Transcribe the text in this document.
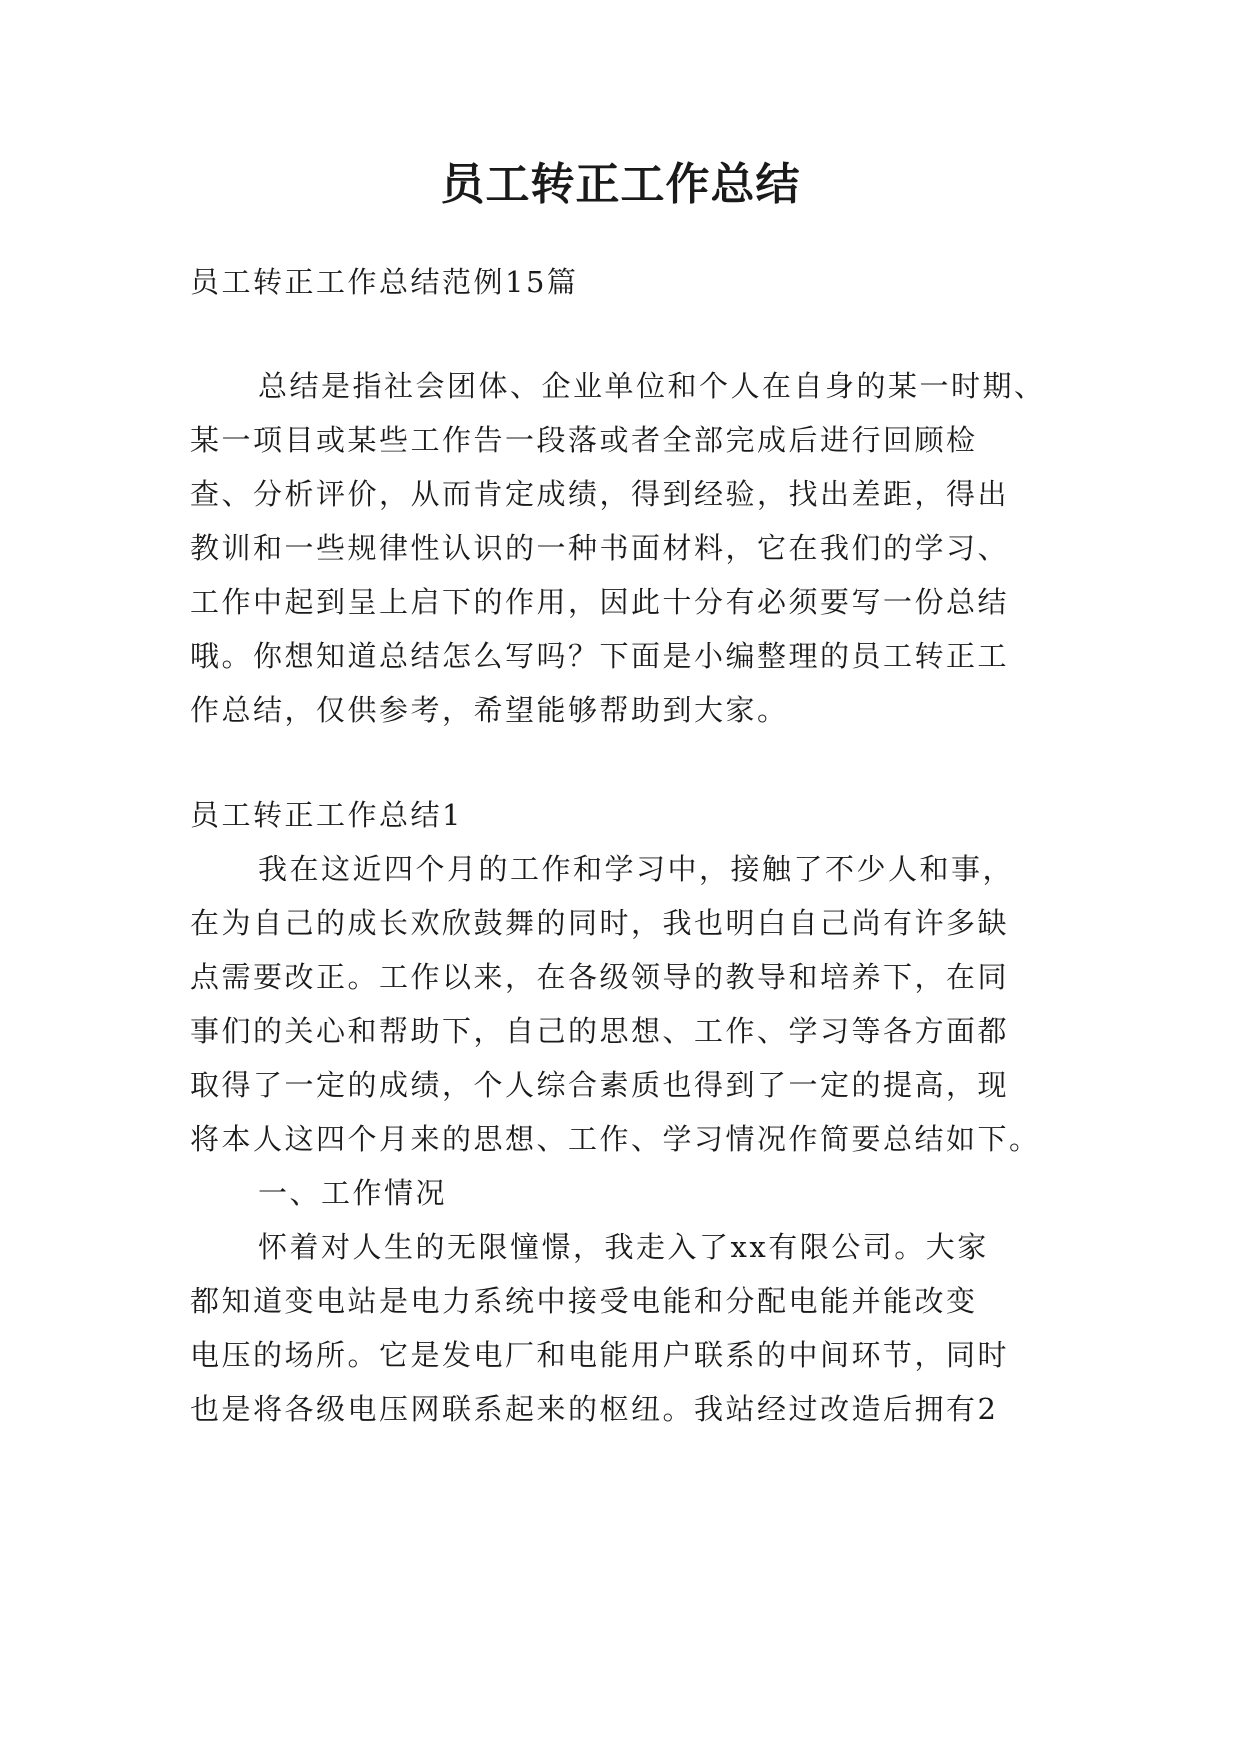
员工转正工作总结
员工转正工作总结范例15篇
总结是指社会团体、企业单位和个人在自身的某一时期、
某一项目或某些工作告一段落或者全部完成后进行回顾检
查、分析评价，从而肯定成绩，得到经验，找出差距，得出
教训和一些规律性认识的一种书面材料，它在我们的学习、
工作中起到呈上启下的作用，因此十分有必须要写一份总结
哦。你想知道总结怎么写吗？下面是小编整理的员工转正工
作总结，仅供参考，希望能够帮助到大家。
员工转正工作总结1
我在这近四个月的工作和学习中，接触了不少人和事，
在为自己的成长欢欣鼓舞的同时，我也明白自己尚有许多缺
点需要改正。工作以来，在各级领导的教导和培养下，在同
事们的关心和帮助下，自己的思想、工作、学习等各方面都
取得了一定的成绩，个人综合素质也得到了一定的提高，现
将本人这四个月来的思想、工作、学习情况作简要总结如下。
一、工作情况
怀着对人生的无限憧憬，我走入了xx有限公司。大家
都知道变电站是电力系统中接受电能和分配电能并能改变
电压的场所。它是发电厂和电能用户联系的中间环节，同时
也是将各级电压网联系起来的枢纽。我站经过改造后拥有2
